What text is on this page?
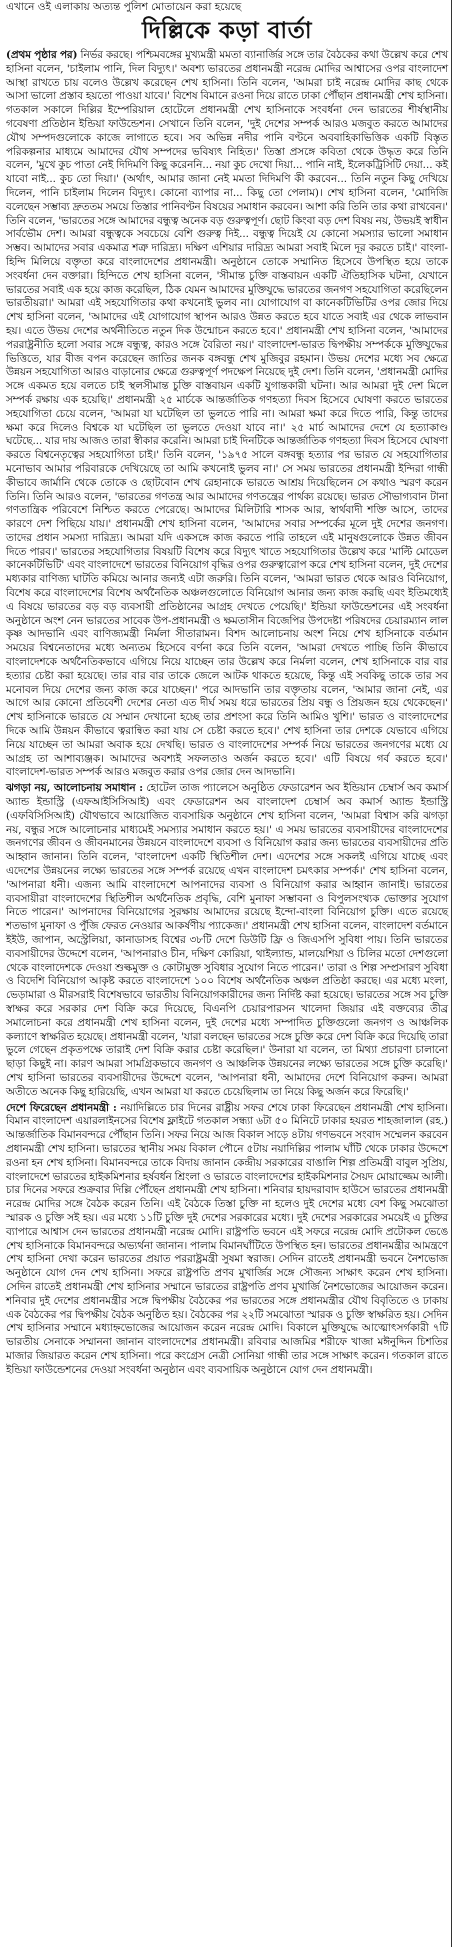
এখানে ওই এলাকায় অত্যন্ত পুলিশ মোতায়েন করা হয়েছে
দিল্লিকে কড়া বার্তা

(প্রথম পৃষ্ঠার পর) নির্ভর করছে। পশ্চিমবঙ্গের মুখ্যমন্ত্রী মমতা ব্যানার্জির সঙ্গে তার বৈঠকের কথা উল্লেখ করে শেখ হাসিনা বলেন, 'চাইলাম পানি, দিল বিদ্যুৎ।' অবশ্য ভারতের প্রধানমন্ত্রী নরেন্দ্র মোদির আশ্বাসের ওপর বাংলাদেশ আস্থা রাখতে চায় বলেও উল্লেখ করেছেন শেখ হাসিনা। তিনি বলেন, 'আমরা চাই নরেন্দ্র মোদির কাছ থেকে আসা ভালো প্রস্তাব হয়তো পাওয়া যাবে।' বিশেষ বিমানে রওনা দিয়ে রাতে ঢাকা পৌঁছান প্রধানমন্ত্রী শেখ হাসিনা। গতকাল সকালে দিল্লির ইম্পেরিয়াল হোটেলে প্রধানমন্ত্রী শেখ হাসিনাকে সংবর্ধনা দেন ভারতের শীর্ষস্থানীয় গবেষণা প্রতিষ্ঠান ইন্ডিয়া ফাউন্ডেশন। সেখানে তিনি বলেন, 'দুই দেশের সম্পর্ক আরও মজবুত করতে আমাদের যৌথ সম্পদগুলোকে কাজে লাগাতে হবে। সব অভিন্ন নদীর পানি বণ্টনে অববাহিকাভিত্তিক একটি বিস্তৃত পরিকল্পনার মাধ্যমে আমাদের যৌথ সম্পদের ভবিষ্যৎ নিহিত।' তিস্তা প্রসঙ্গে কবিতা থেকে উদ্ধৃত করে তিনি বলেন, 'মুখে কুচ পাতা নেই দিদিমণি কিছু করেননি... নয়া কুচ দেখো দিয়া... পানি নাই, ইলেকট্রিসিটি দেয়া... কই যাবো নাই... কুচ তো দিয়া।' (অর্থাৎ, আমার জানা নেই মমতা দিদিমণি কী করবেন... তিনি নতুন কিছু দেখিয়ে দিলেন, পানি চাইলাম দিলেন বিদ্যুৎ। কোনো ব্যাপার না... কিছু তো পেলাম)। শেখ হাসিনা বলেন, 'মোদিজি বলেছেন সম্ভাব্য দ্রুততম সময়ে তিস্তার পানিবণ্টন বিষয়ের সমাধান করবেন। আশা করি তিনি তার কথা রাখবেন।' তিনি বলেন, 'ভারতের সঙ্গে আমাদের বন্ধুত্ব অনেক বড় গুরুত্বপূর্ণ। ছোট কিংবা বড় দেশ বিষয় নয়, উভয়ই স্বাধীন সার্বভৌম দেশ। আমরা বন্ধুত্বকে সবচেয়ে বেশি গুরুত্ব দিই... বন্ধুত্ব দিয়েই যে কোনো সমস্যার ভালো সমাধান সম্ভব। আমাদের সবার একমাত্র শত্রু দারিদ্র্য। দক্ষিণ এশিয়ার দারিদ্র্য আমরা সবাই মিলে দূর করতে চাই।' বাংলা-হিন্দি মিলিয়ে বক্তৃতা করে বাংলাদেশের প্রধানমন্ত্রী। অনুষ্ঠানে তোকে সম্মানিত হিসেবে উপস্থিত হয়ে তাকে সংবর্ধনা দেন বক্তারা। হিন্দিতে শেখ হাসিনা বলেন, 'সীমান্ত চুক্তি বাস্তবায়ন একটি ঐতিহাসিক ঘটনা, যেখানে ভারতের সবাই এক হয়ে কাজ করেছিল, ঠিক যেমন আমাদের মুক্তিযুদ্ধে ভারতের জনগণ সহযোগিতা করেছিলেন ভারতীয়রা।' আমরা এই সহযোগিতার কথা কখনোই ভুলব না। যোগাযোগ বা কানেকটিভিটির ওপর জোর দিয়ে শেখ হাসিনা বলেন, 'আমাদের এই যোগাযোগ স্থাপন আরও উন্নত করতে হবে যাতে সবাই এর থেকে লাভবান হয়। এতে উভয় দেশের অর্থনীতিতে নতুন দিক উন্মোচন করতে হবে।' প্রধানমন্ত্রী শেখ হাসিনা বলেন, 'আমাদের পররাষ্ট্রনীতি হলো সবার সঙ্গে বন্ধুত্ব, কারও সঙ্গে বৈরিতা নয়।' বাংলাদেশ-ভারত দ্বিপক্ষীয় সম্পর্ককে মুক্তিযুদ্ধের ভিত্তিতে, যার বীজ বপন করেছেন জাতির জনক বঙ্গবন্ধু শেখ মুজিবুর রহমান। উভয় দেশের মধ্যে সব ক্ষেত্রে উন্নয়ন সহযোগিতা আরও বাড়ানোর ক্ষেত্রে গুরুত্বপূর্ণ পদক্ষেপ নিয়েছে দুই দেশ। তিনি বলেন, 'প্রধানমন্ত্রী মোদির সঙ্গে একমত হয়ে বলতে চাই স্থলসীমান্ত চুক্তি বাস্তবায়ন একটি যুগান্তকারী ঘটনা। আর আমরা দুই দেশ মিলে সম্পর্ক রক্ষায় এক হয়েছি।' প্রধানমন্ত্রী ২৫ মার্চকে আন্তর্জাতিক গণহত্যা দিবস হিসেবে ঘোষণা করতে ভারতের সহযোগিতা চেয়ে বলেন, 'আমরা যা ঘটেছিল তা ভুলতে পারি না। আমরা ক্ষমা করে দিতে পারি, কিন্তু তাদের ক্ষমা করে দিলেও বিশ্বকে যা ঘটেছিল তা ভুলতে দেওয়া যাবে না।' ২৫ মার্চ আমাদের দেশে যে হত্যাকাণ্ড ঘটেছে... যার দায় আজও তারা স্বীকার করেনি। আমরা চাই দিনটিকে আন্তর্জাতিক গণহত্যা দিবস হিসেবে ঘোষণা করতে বিশ্বনেতৃত্বের সহযোগিতা চাই।' তিনি বলেন, '১৯৭৫ সালে বঙ্গবন্ধু হত্যার পর ভারত যে সহযোগিতার মনোভাব আমার পরিবারকে দেখিয়েছে তা আমি কখনোই ভুলব না।' সে সময় ভারতের প্রধানমন্ত্রী ইন্দিরা গান্ধী কীভাবে জার্মানি থেকে তোকে ও ছোটবোন শেখ রেহানাকে ভারতে আশ্রয় দিয়েছিলেন সে কথাও স্মরণ করেন তিনি। তিনি আরও বলেন, 'ভারতের গণতন্ত্র আর আমাদের গণতন্ত্রের পার্থক্য রয়েছে। ভারত সৌভাগ্যবান টানা গণতান্ত্রিক পরিবেশে নিশ্চিত করতে পেরেছে। আমাদের মিলিটারি শাসক আর, স্বার্থবাদী শক্তি আসে, তাদের কারণে দেশ পিছিয়ে যায়।' প্রধানমন্ত্রী শেখ হাসিনা বলেন, 'আমাদের সবার সম্পর্কের মূলে দুই দেশের জনগণ। তাদের প্রধান সমস্যা দারিদ্র্য। আমরা যদি একসঙ্গে কাজ করতে পারি তাহলে এই মানুষগুলোকে উন্নত জীবন দিতে পারব।' ভারতের সহযোগিতার বিষয়টি বিশেষ করে বিদ্যুৎ খাতে সহযোগিতার উল্লেখ করে 'মাল্টি মোডেল কানেকটিভিটি' এবং বাংলাদেশে ভারতের বিনিয়োগ বৃদ্ধির ওপর গুরুত্বারোপ করে শেখ হাসিনা বলেন, দুই দেশের মধ্যকার বাণিজ্য ঘাটতি কমিয়ে আনার জন্যই এটা জরুরি। তিনি বলেন, 'আমরা ভারত থেকে আরও বিনিয়োগ, বিশেষ করে বাংলাদেশের বিশেষ অর্থনৈতিক অঞ্চলগুলোতে বিনিয়োগ আনার জন্য কাজ করছি এবং ইতিমধ্যেই এ বিষয়ে ভারতের বড় বড় ব্যবসায়ী প্রতিষ্ঠানের আগ্রহ দেখতে পেয়েছি।' ইন্ডিয়া ফাউন্ডেশনের এই সংবর্ধনা অনুষ্ঠানে অংশ নেন ভারতের সাবেক উপ-প্রধানমন্ত্রী ও ক্ষমতাসীন বিজেপির উপদেষ্টা পরিষদের চেয়ারম্যান লাল কৃষ্ণ আদভানি এবং বাণিজ্যমন্ত্রী নির্মলা সীতারামন। বিশদ আলোচনায় অংশ নিয়ে শেখ হাসিনাকে বর্তমান সময়ের বিশ্বনেতাদের মধ্যে অন্যতম হিসেবে বর্ণনা করে তিনি বলেন, 'আমরা দেখতে পাচ্ছি তিনি কীভাবে বাংলাদেশকে অর্থনৈতিকভাবে এগিয়ে নিয়ে যাচ্ছেন তার উল্লেখ করে নির্মলা বলেন, শেখ হাসিনাকে বার বার হত্যার চেষ্টা করা হয়েছে। তার বার বার তাকে জেলে আটক থাকতে হয়েছে, কিন্তু এই সবকিছু তাকে তার সব মনোবল দিয়ে দেশের জন্য কাজ করে যাচ্ছেন।' পরে আদভানি তার বক্তৃতায় বলেন, 'আমার জানা নেই, এর আগে আর কোনো প্রতিবেশী দেশের নেতা এত দীর্ঘ সময় ধরে ভারতের প্রিয় বন্ধু ও প্রিয়জন হয়ে থেকেছেন।' শেখ হাসিনাকে ভারতে যে সম্মান দেখানো হচ্ছে তার প্রশংসা করে তিনি আমিও খুশি।' ভারত ও বাংলাদেশের দিকে আমি উন্নয়ন কীভাবে ত্বরান্বিত করা যায় সে চেষ্টা করতে হবে।' শেখ হাসিনা তার দেশকে যেভাবে এগিয়ে নিয়ে যাচ্ছেন তা আমরা অবাক হয়ে দেখছি। ভারত ও বাংলাদেশের সম্পর্ক নিয়ে ভারতের জনগণের মধ্যে যে আগ্রহ তা আশাব্যঞ্জক। আমাদের অবশ্যই সফলতাও অর্জন করতে হবে।' এটি বিষয়ে গর্ব করতে হবে।' বাংলাদেশ-ভারত সম্পর্ক আরও মজবুত করার ওপর জোর দেন আদভানি।

ঝগড়া নয়, আলোচনায় সমাধান : হোটেল তাজ প্যালেসে অনুষ্ঠিত ফেডারেশন অব ইন্ডিয়ান চেম্বার্স অব কমার্স অ্যান্ড ইন্ডাস্ট্রি (এফআইসিসিআই) এবং ফেডারেশন অব বাংলাদেশ চেম্বার্স অব কমার্স অ্যান্ড ইন্ডাস্ট্রি (এফবিসিসিআই) যৌথভাবে আয়োজিত ব্যবসায়িক অনুষ্ঠানে শেখ হাসিনা বলেন, 'আমরা বিশ্বাস করি ঝগড়া নয়, বন্ধুর সঙ্গে আলোচনার মাধ্যমেই সমস্যার সমাধান করতে হয়।' এ সময় ভারতের ব্যবসায়ীদের বাংলাদেশের জনগণের জীবন ও জীবনমানের উন্নয়নে বাংলাদেশে ব্যবসা ও বিনিয়োগ করার জন্য ভারতের ব্যবসায়ীদের প্রতি আহ্বান জানান। তিনি বলেন, 'বাংলাদেশ একটি স্থিতিশীল দেশ। এদেশের সঙ্গে সকলই এগিয়ে যাচ্ছে এবং এদেশের উন্নয়নের লক্ষ্যে ভারতের সঙ্গে সম্পর্ক রয়েছে এখন বাংলাদেশ চমৎকার সম্পর্ক।' শেখ হাসিনা বলেন, 'আপনারা ধনী। এজন্য আমি বাংলাদেশে আপনাদের ব্যবসা ও বিনিয়োগ করার আহ্বান জানাই। ভারতের ব্যবসায়ীরা বাংলাদেশের স্থিতিশীল অর্থনৈতিক প্রবৃদ্ধি, বেশি মুনাফা সম্ভাবনা ও বিপুলসংখ্যক ভোক্তার সুযোগ নিতে পারেন।' আপনাদের বিনিয়োগের সুরক্ষায় আমাদের রয়েছে ইন্দো-বাংলা বিনিয়োগ চুক্তি। এতে রয়েছে শতভাগ মুনাফা ও পুঁজি ফেরত নেওয়ার আকর্ষণীয় প্যাকেজ।' প্রধানমন্ত্রী শেখ হাসিনা বলেন, বাংলাদেশ বর্তমানে ইইউ, জাপান, অস্ট্রেলিয়া, কানাডাসহ বিশ্বের ৩৮টি দেশে ডিউটি ফ্রি ও জিএসপি সুবিধা পায়। তিনি ভারতের ব্যবসায়ীদের উদ্দেশে বলেন, 'আপনারাও চীন, দক্ষিণ কোরিয়া, থাইল্যান্ড, মালয়েশিয়া ও চিলির মতো দেশগুলো থেকে বাংলাদেশকে দেওয়া শুল্কমুক্ত ও কোটামুক্ত সুবিধার সুযোগ নিতে পারেন।' তারা ও শিল্প সম্প্রসারণ সুবিধা ও বিদেশি বিনিয়োগ আকৃষ্ট করতে বাংলাদেশে ১০০ বিশেষ অর্থনৈতিক অঞ্চল প্রতিষ্ঠা করছে। এর মধ্যে মংলা, ভেড়ামারা ও মীরসরাই বিশেষভাবে ভারতীয় বিনিয়োগকারীদের জন্য নির্দিষ্ট করা হয়েছে। ভারতের সঙ্গে সব চুক্তি স্বাক্ষর করে সরকার দেশ বিক্রি করে দিয়েছে, বিএনপি চেয়ারপারসন খালেদা জিয়ার এই বক্তব্যের তীব্র সমালোচনা করে প্রধানমন্ত্রী শেখ হাসিনা বলেন, দুই দেশের মধ্যে সম্পাদিত চুক্তিগুলো জনগণ ও আঞ্চলিক কল্যাণে স্বাক্ষরিত হয়েছে। প্রধানমন্ত্রী বলেন, 'যারা বলছেন ভারতের সঙ্গে চুক্তি করে দেশ বিক্রি করে দিয়েছি তারা ভুলে গেছেন প্রকৃতপক্ষে তারাই দেশ বিক্রি করার চেষ্টা করেছিল।' উনারা যা বলেন, তা মিথ্যা প্রচারণা চালানো ছাড়া কিছুই না। কারণ আমরা সামগ্রিকভাবে জনগণ ও আঞ্চলিক উন্নয়নের লক্ষ্যে ভারতের সঙ্গে চুক্তি করেছি।' শেখ হাসিনা ভারতের ব্যবসায়ীদের উদ্দেশে বলেন, 'আপনারা ধনী, আমাদের দেশে বিনিয়োগ করুন। আমরা অতীতে অনেক কিছু হারিয়েছি, এখন আমরা যা করতে চেয়েছিলাম তা নিয়ে কিছু অর্জন করে ফিরেছি।'

দেশে ফিরেছেন প্রধানমন্ত্রী : নয়াদিল্লিতে চার দিনের রাষ্ট্রীয় সফর শেষে ঢাকা ফিরেছেন প্রধানমন্ত্রী শেখ হাসিনা। বিমান বাংলাদেশ এয়ারলাইনসের বিশেষ ফ্লাইটে গতকাল সন্ধ্যা ৬টা ৫০ মিনিটে ঢাকার হযরত শাহজালাল (রহ.) আন্তর্জাতিক বিমানবন্দরে পৌঁছান তিনি। সফর নিয়ে আজ বিকাল সাড়ে ৪টায় গণভবনে সংবাদ সম্মেলন করবেন প্রধানমন্ত্রী শেখ হাসিনা। ভারতের স্থানীয় সময় বিকাল পৌনে ৫টায় নয়াদিল্লির পালাম ঘাঁটি থেকে ঢাকার উদ্দেশে রওনা হন শেখ হাসিনা। বিমানবন্দরে তাকে বিদায় জানান কেন্দ্রীয় সরকারের বাঙালি শিল্প প্রতিমন্ত্রী বাবুল সুপ্রিয়, বাংলাদেশে ভারতের হাইকমিশনার হর্ষবর্ধন শ্রিংলা ও ভারতে বাংলাদেশের হাইকমিশনার সৈয়দ মোয়াজ্জেম আলী। চার দিনের সফরে শুক্রবার দিল্লি পৌঁছেন প্রধানমন্ত্রী শেখ হাসিনা। শনিবার হায়দরাবাদ হাউসে ভারতের প্রধানমন্ত্রী নরেন্দ্র মোদির সঙ্গে বৈঠক করেন তিনি। এই বৈঠকে তিস্তা চুক্তি না হলেও দুই দেশের মধ্যে বেশ কিছু সমঝোতা স্মারক ও চুক্তি সই হয়। এর মধ্যে ১১টি চুক্তি দুই দেশের সরকারের মধ্যে। দুই দেশের সরকারের সময়েই এ চুক্তির ব্যাপারে আশ্বাস দেন ভারতের প্রধানমন্ত্রী নরেন্দ্র মোদি। রাষ্ট্রপতি ভবনে এই সফরে নরেন্দ্র মোদি প্রটোকল ভেঙে শেখ হাসিনাকে বিমানবন্দরে অভ্যর্থনা জানান। পালাম বিমানঘাঁটিতে উপস্থিত হন। ভারতের প্রধানমন্ত্রীর আমন্ত্রণে শেখ হাসিনা দেখা করেন ভারতের প্রয়াত পররাষ্ট্রমন্ত্রী সুষমা স্বরাজ। সেদিন রাতেই প্রধানমন্ত্রী ভবনে নৈশভোজ অনুষ্ঠানে যোগ দেন শেখ হাসিনা। সফরে রাষ্ট্রপতি প্রণব মুখার্জির সঙ্গে সৌজন্য সাক্ষাৎ করেন শেখ হাসিনা। সেদিন রাতেই প্রধানমন্ত্রী শেখ হাসিনার সম্মানে ভারতের রাষ্ট্রপতি প্রণব মুখার্জি নৈশভোজের আয়োজন করেন। শনিবার দুই দেশের প্রধানমন্ত্রীর সঙ্গে দ্বিপক্ষীয় বৈঠকের পর ভারতের সঙ্গে প্রধানমন্ত্রীর যৌথ বিবৃতিতে ও ঢাকায় এক বৈঠকের পর দ্বিপক্ষীয় বৈঠক অনুষ্ঠিত হয়। বৈঠকের পর ২২টি সমঝোতা স্মারক ও চুক্তি স্বাক্ষরিত হয়। সেদিন শেখ হাসিনার সম্মানে মধ্যাহ্নভোজের আয়োজন করেন নরেন্দ্র মোদি। বিকালে মুক্তিযুদ্ধে আত্মোৎসর্গকারী ৭টি ভারতীয় সেনাকে সম্মাননা জানান বাংলাদেশের প্রধানমন্ত্রী। রবিবার আজমির শরীফে খাজা মঈনুদ্দিন চিশতির মাজার জিয়ারত করেন শেখ হাসিনা। পরে কংগ্রেস নেত্রী সোনিয়া গান্ধী তার সঙ্গে সাক্ষাৎ করেন। গতকাল রাতে ইন্ডিয়া ফাউন্ডেশনের দেওয়া সংবর্ধনা অনুষ্ঠান এবং ব্যবসায়িক অনুষ্ঠানে যোগ দেন প্রধানমন্ত্রী।
